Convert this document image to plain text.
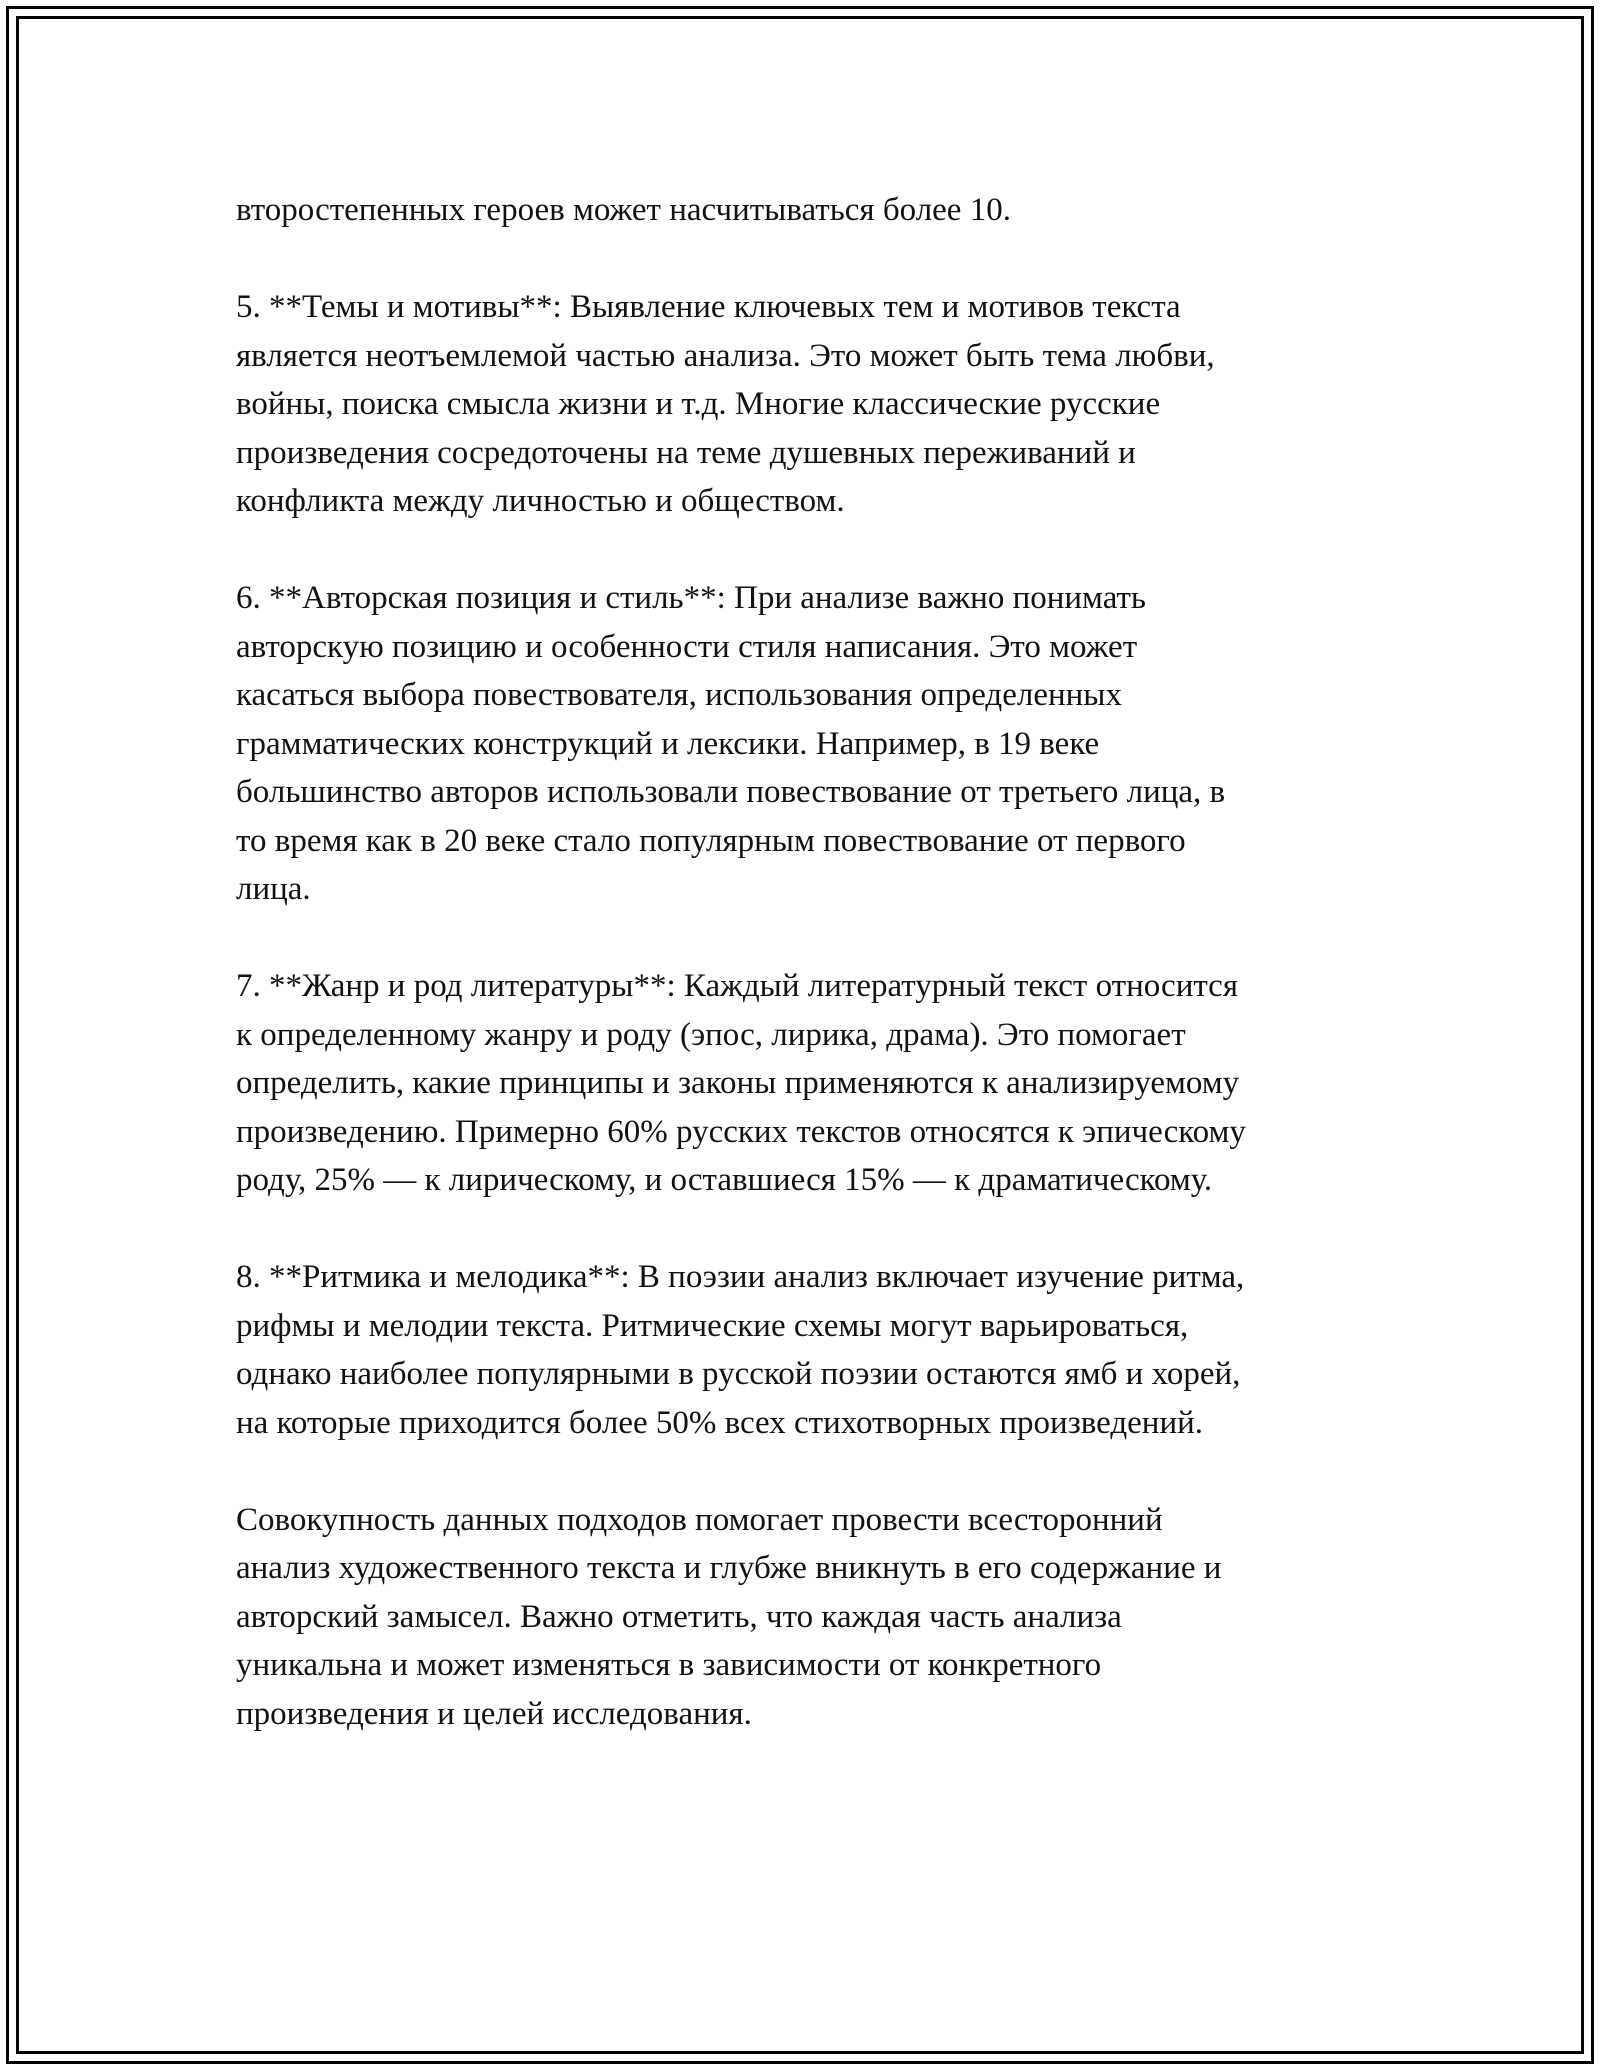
второстепенных героев может насчитываться более 10.

5. **Темы и мотивы**: Выявление ключевых тем и мотивов текста
является неотъемлемой частью анализа. Это может быть тема любви,
войны, поиска смысла жизни и т.д. Многие классические русские
произведения сосредоточены на теме душевных переживаний и
конфликта между личностью и обществом.

6. **Авторская позиция и стиль**: При анализе важно понимать
авторскую позицию и особенности стиля написания. Это может
касаться выбора повествователя, использования определенных
грамматических конструкций и лексики. Например, в 19 веке
большинство авторов использовали повествование от третьего лица, в
то время как в 20 веке стало популярным повествование от первого
лица.

7. **Жанр и род литературы**: Каждый литературный текст относится
к определенному жанру и роду (эпос, лирика, драма). Это помогает
определить, какие принципы и законы применяются к анализируемому
произведению. Примерно 60% русских текстов относятся к эпическому
роду, 25% — к лирическому, и оставшиеся 15% — к драматическому.

8. **Ритмика и мелодика**: В поэзии анализ включает изучение ритма,
рифмы и мелодии текста. Ритмические схемы могут варьироваться,
однако наиболее популярными в русской поэзии остаются ямб и хорей,
на которые приходится более 50% всех стихотворных произведений.

Совокупность данных подходов помогает провести всесторонний
анализ художественного текста и глубже вникнуть в его содержание и
авторский замысел. Важно отметить, что каждая часть анализа
уникальна и может изменяться в зависимости от конкретного
произведения и целей исследования.
